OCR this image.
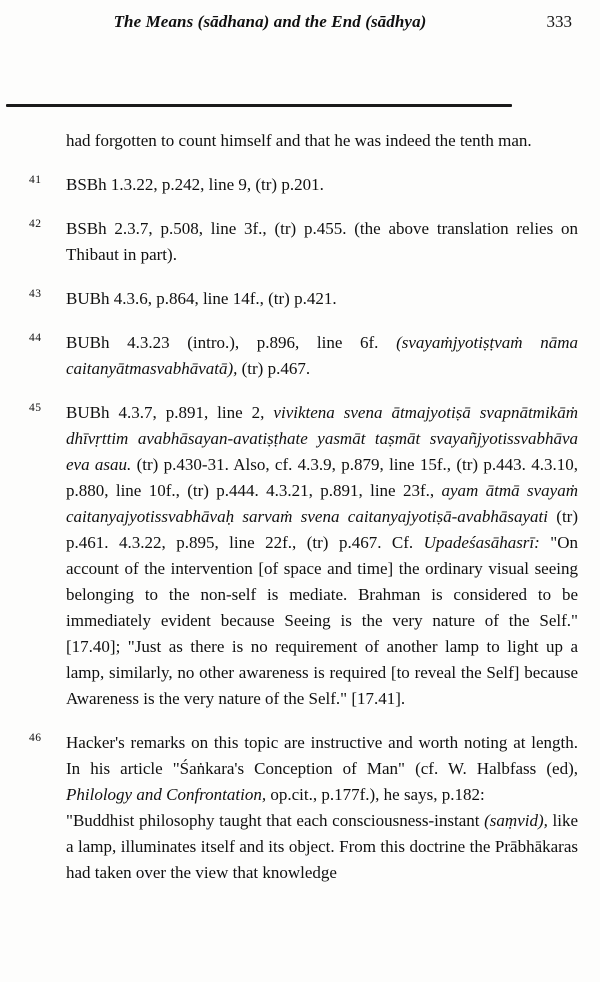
The Means (sādhana) and the End (sādhya)	333
had forgotten to count himself and that he was indeed the tenth man.
41 BSBh 1.3.22, p.242, line 9, (tr) p.201.
42 BSBh 2.3.7, p.508, line 3f., (tr) p.455. (the above translation relies on Thibaut in part).
43 BUBh 4.3.6, p.864, line 14f., (tr) p.421.
44 BUBh 4.3.23 (intro.), p.896, line 6f. (svayaṁjyotiṣṭvaṁ nāma caitanyātmasvabhāvatā), (tr) p.467.
45 BUBh 4.3.7, p.891, line 2, viviktena svena ātmajyotiṣā svapnātmikāṁ dhīvṛttim avabhāsayan-avatiṣṭhate yasmāt taṣmāt svayañjyotissvabhāva eva asau. (tr) p.430-31. Also, cf. 4.3.9, p.879, line 15f., (tr) p.443. 4.3.10, p.880, line 10f., (tr) p.444. 4.3.21, p.891, line 23f., ayam ātmā svayaṁ caitanyajyotissvabhāvaḥ sarvaṁ svena caitanyajyotiṣā-avabhāsayati (tr) p.461. 4.3.22, p.895, line 22f., (tr) p.467. Cf. Upadeśasāhasrī: "On account of the intervention [of space and time] the ordinary visual seeing belonging to the non-self is mediate. Brahman is considered to be immediately evident because Seeing is the very nature of the Self." [17.40]; "Just as there is no requirement of another lamp to light up a lamp, similarly, no other awareness is required [to reveal the Self] because Awareness is the very nature of the Self." [17.41].
46 Hacker's remarks on this topic are instructive and worth noting at length. In his article "Śaṅkara's Conception of Man" (cf. W. Halbfass (ed), Philology and Confrontation, op.cit., p.177f.), he says, p.182:
"Buddhist philosophy taught that each consciousness-instant (saṃvid), like a lamp, illuminates itself and its object. From this doctrine the Prābhākaras had taken over the view that knowledge
